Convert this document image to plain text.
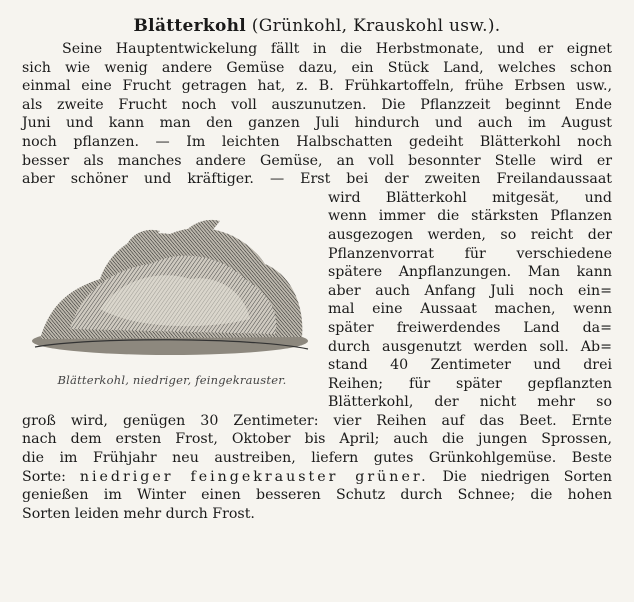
Blätterkohl (Grünkohl, Krauskohl usw.).
Seine Hauptentwickelung fällt in die Herbstmonate, und er eignet
sich wie wenig andere Gemüse dazu, ein Stück Land, welches schon
einmal eine Frucht getragen hat, z. B. Frühkartoffeln, frühe Erbsen usw.,
als zweite Frucht noch voll auszunutzen. Die Pflanzzeit beginnt Ende
Juni und kann man den ganzen Juli hindurch und auch im August
noch pflanzen. — Im leichten Halbschatten gedeiht Blätterkohl noch
besser als manches andere Gemüse, an voll besonnter Stelle wird er
aber schöner und kräftiger. — Erst bei der zweiten Freilandaussaat
Blätterkohl, niedriger, feingekrauster.
wird Blätterkohl mitgesät, und
wenn immer die stärksten Pflanzen
ausgezogen werden, so reicht der
Pflanzenvorrat für verschiedene
spätere Anpflanzungen. Man kann
aber auch Anfang Juli noch ein=
mal eine Aussaat machen, wenn
später freiwerdendes Land da=
durch ausgenutzt werden soll. Ab=
stand 40 Zentimeter und drei
Reihen; für später gepflanzten
Blätterkohl, der nicht mehr so
groß wird, genügen 30 Zentimeter: vier Reihen auf das Beet. Ernte
nach dem ersten Frost, Oktober bis April; auch die jungen Sprossen,
die im Frühjahr neu austreiben, liefern gutes Grünkohlgemüse. Beste
Sorte: niedriger feingekrauster grüner. Die niedrigen Sorten
genießen im Winter einen besseren Schutz durch Schnee; die hohen
Sorten leiden mehr durch Frost.
